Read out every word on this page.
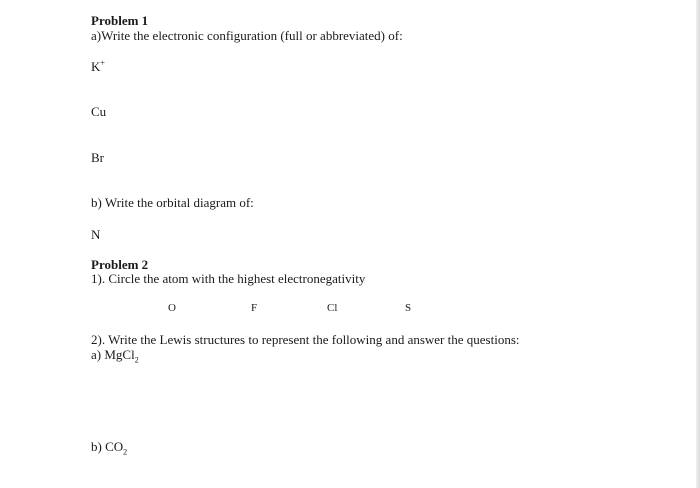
Problem 1
a)Write the electronic configuration (full or abbreviated) of:
K+
Cu
Br
b) Write the orbital diagram of:
N
Problem 2
1). Circle the atom with the highest electronegativity
O	F	Cl	S
2). Write the Lewis structures to represent the following and answer the questions:
a) MgCl$_2$
b) $CO_2$
